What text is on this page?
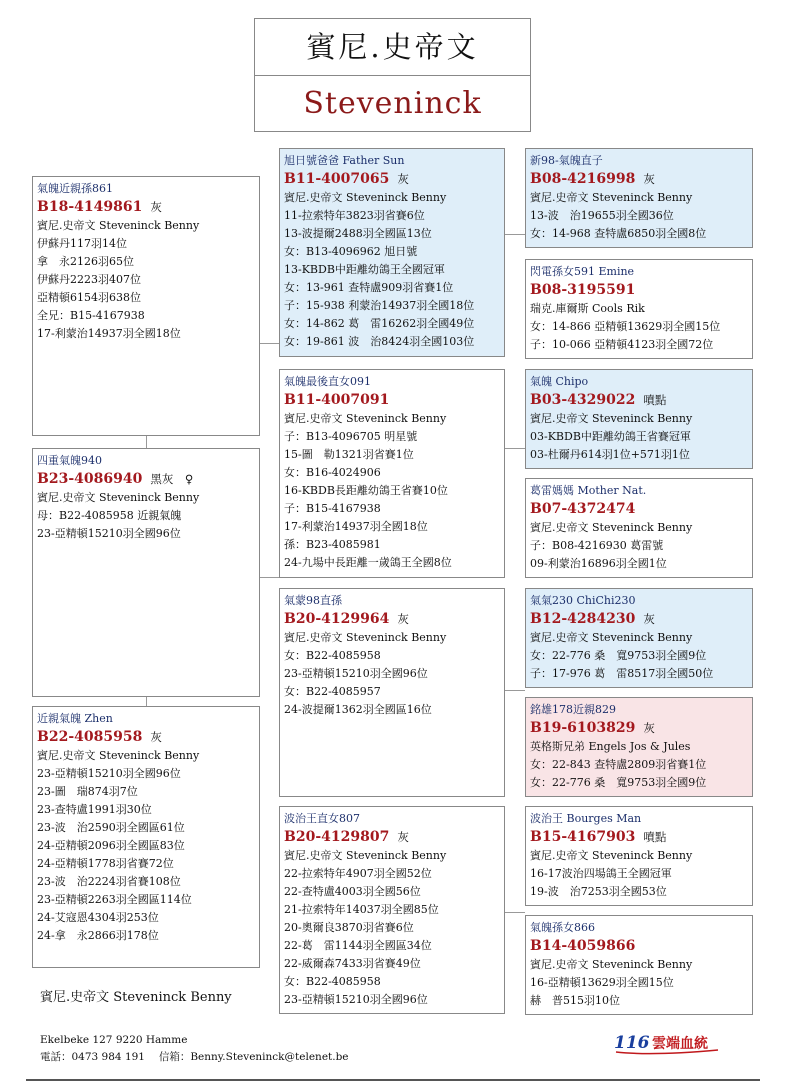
賓尼.史帝文
Steveninck
氣魄近親孫861
B18-4149861 灰
賓尼.史帝文 Steveninck Benny
伊蘇丹117羽14位
拿　永2126羽65位
伊蘇丹2223羽407位
亞精頓6154羽638位
全兄：B15-4167938
17-利蒙治14937羽全國18位
四重氣魄940
B23-4086940 黑灰　♀
賓尼.史帝文 Steveninck Benny
母：B22-4085958 近親氣魄
23-亞精頓15210羽全國96位
近親氣魄 Zhen
B22-4085958 灰
賓尼.史帝文 Steveninck Benny
23-亞精頓15210羽全國96位
23-圖　瑞874羽7位
23-查特盧1991羽30位
23-波　治2590羽全國區61位
24-亞精頓2096羽全國區83位
24-亞精頓1778羽省賽72位
23-波　治2224羽省賽108位
23-亞精頓2263羽全國區114位
24-艾寇恩4304羽253位
24-拿　永2866羽178位
旭日號爸爸 Father Sun
B11-4007065 灰
賓尼.史帝文 Steveninck Benny
11-拉索特年3823羽省賽6位
13-波提爾2488羽全國區13位
女：B13-4096962 旭日號
13-KBDB中距離幼鴿王全國冠軍
女：13-961 查特盧909羽省賽1位
子：15-938 利蒙治14937羽全國18位
女：14-862 葛　雷16262羽全國49位
女：19-861 波　治8424羽全國103位
氣魄最後直女091
B11-4007091
賓尼.史帝文 Steveninck Benny
子：B13-4096705 明星號
15-圖　勒1321羽省賽1位
女：B16-4024906
16-KBDB長距離幼鴿王省賽10位
子：B15-4167938
17-利蒙治14937羽全國18位
孫：B23-4085981
24-九場中長距離一歲鴿王全國8位
氣蒙98直孫
B20-4129964 灰
賓尼.史帝文 Steveninck Benny
女：B22-4085958
23-亞精頓15210羽全國96位
女：B22-4085957
24-波提爾1362羽全國區16位
波治王直女807
B20-4129807 灰
賓尼.史帝文 Steveninck Benny
22-拉索特年4907羽全國52位
22-查特盧4003羽全國56位
21-拉索特年14037羽全國85位
20-奧爾良3870羽省賽6位
22-葛　雷1144羽全國區34位
22-威爾森7433羽省賽49位
女：B22-4085958
23-亞精頓15210羽全國96位
新98-氣魄直子
B08-4216998 灰
賓尼.史帝文 Steveninck Benny
13-波　治19655羽全國36位
女：14-968 查特盧6850羽全國8位
閃電孫女591 Emine
B08-3195591
瑞克.庫爾斯 Cools Rik
女：14-866 亞精頓13629羽全國15位
子：10-066 亞精頓4123羽全國72位
氣魄 Chipo
B03-4329022 噴點
賓尼.史帝文 Steveninck Benny
03-KBDB中距離幼鴿王省賽冠軍
03-杜爾丹614羽1位+571羽1位
葛雷媽媽 Mother Nat.
B07-4372474
賓尼.史帝文 Steveninck Benny
子：B08-4216930 葛雷號
09-利蒙治16896羽全國1位
氣氣230 ChiChi230
B12-4284230 灰
賓尼.史帝文 Steveninck Benny
女：22-776 桑　寬9753羽全國9位
子：17-976 葛　雷8517羽全國50位
銘雄178近親829
B19-6103829 灰
英格斯兄弟 Engels Jos & Jules
女：22-843 查特盧2809羽省賽1位
女：22-776 桑　寬9753羽全國9位
波治王 Bourges Man
B15-4167903 噴點
賓尼.史帝文 Steveninck Benny
16-17波治四場鴿王全國冠軍
19-波　治7253羽全國53位
氣魄孫女866
B14-4059866
賓尼.史帝文 Steveninck Benny
16-亞精頓13629羽全國15位
赫　普515羽10位
賓尼.史帝文 Steveninck Benny
Ekelbeke 127 9220 Hamme
電話：0473 984 191　 信箱：Benny.Steveninck@telenet.be
116 雲端血統
